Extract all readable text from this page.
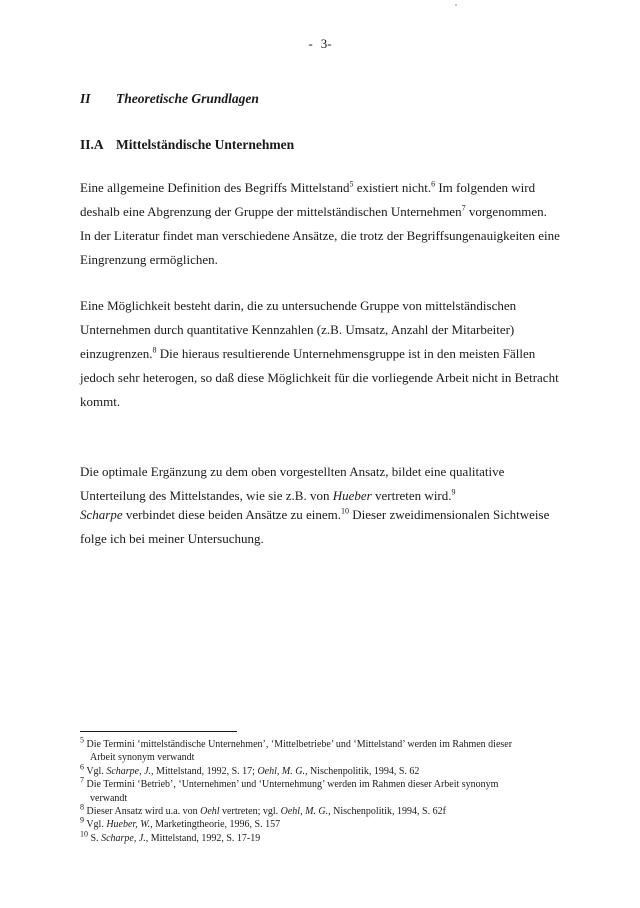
- 3-
II Theoretische Grundlagen
II.A Mittelständische Unternehmen
Eine allgemeine Definition des Begriffs Mittelstand$^5$ existiert nicht.$^6$ Im folgenden wird
deshalb eine Abgrenzung der Gruppe der mittelständischen Unternehmen$^7$ vorgenommen.
In der Literatur findet man verschiedene Ansätze, die trotz der Begriffsungenauigkeiten eine
Eingrenzung ermöglichen.
Eine Möglichkeit besteht darin, die zu untersuchende Gruppe von mittelständischen
Unternehmen durch quantitative Kennzahlen (z.B. Umsatz, Anzahl der Mitarbeiter)
einzugrenzen.$^8$ Die hieraus resultierende Unternehmensgruppe ist in den meisten Fällen
jedoch sehr heterogen, so daß diese Möglichkeit für die vorliegende Arbeit nicht in Betracht
kommt.
Die optimale Ergänzung zu dem oben vorgestellten Ansatz, bildet eine qualitative
Unterteilung des Mittelstandes, wie sie z.B. von Hueber vertreten wird.$^9$
Scharpe verbindet diese beiden Ansätze zu einem.$^{10}$ Dieser zweidimensionalen Sichtweise
folge ich bei meiner Untersuchung.
$^5$ Die Termini ‘mittelständische Unternehmen’, ‘Mittelbetriebe’ und ‘Mittelstand’ werden im Rahmen dieser
Arbeit synonym verwandt
$^6$ Vgl. Scharpe, J., Mittelstand, 1992, S. 17; Oehl, M. G., Nischenpolitik, 1994, S. 62
$^7$ Die Termini ‘Betrieb’, ‘Unternehmen’ und ‘Unternehmung’ werden im Rahmen dieser Arbeit synonym
verwandt
$^8$ Dieser Ansatz wird u.a. von Oehl vertreten; vgl. Oehl, M. G., Nischenpolitik, 1994, S. 62f
$^9$ Vgl. Hueber, W., Marketingtheorie, 1996, S. 157
$^{10}$ S. Scharpe, J., Mittelstand, 1992, S. 17-19
